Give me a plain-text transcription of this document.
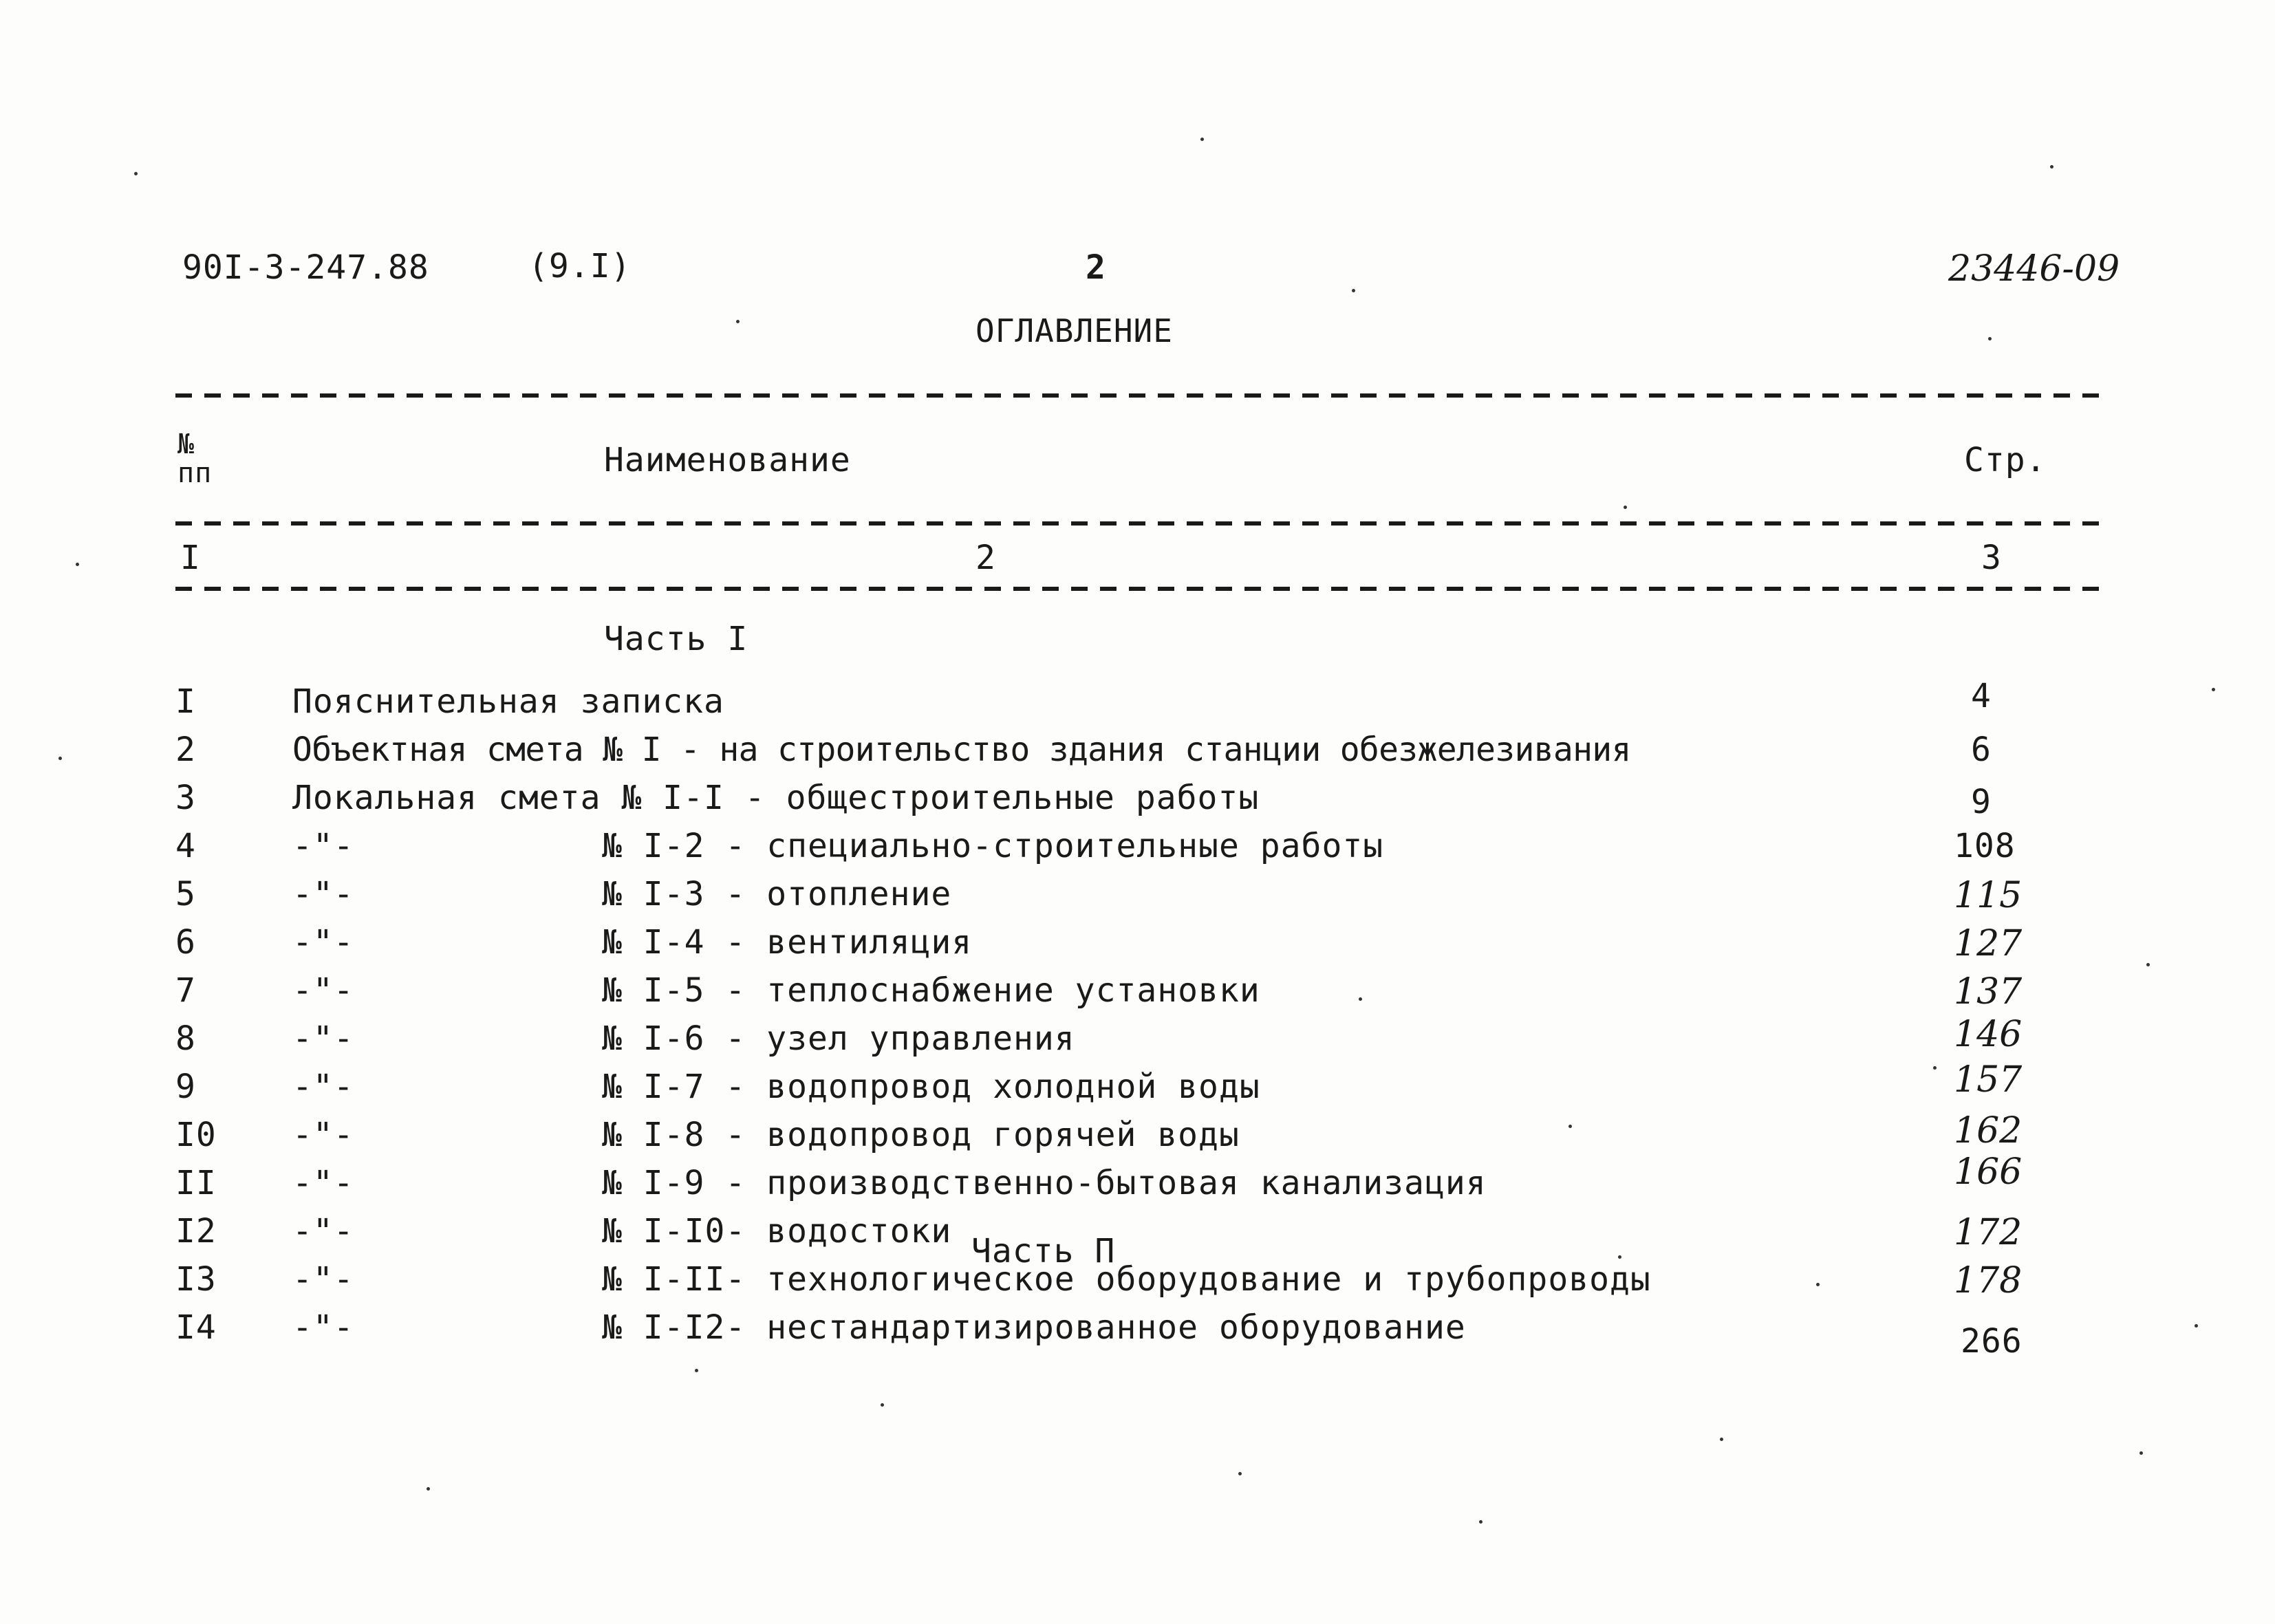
90I-3-247.88	(9.I)	2	23446-09
ОГЛАВЛЕНИЕ
№
пп	Наименование	Стр.
I	2	3
Часть I
I	Пояснительная записка	4
2	Объектная смета № I - на строительство здания станции обезжелезивания	6
3	Локальная смета № I-I - общестроительные работы	9
4	-"-	№ I-2 - специально-строительные работы	108
5	-"-	№ I-3 - отопление	115
6	-"-	№ I-4 - вентиляция	127
7	-"-	№ I-5 - теплоснабжение установки	137
8	-"-	№ I-6 - узел управления	146
9	-"-	№ I-7 - водопровод холодной воды	157
I0 -"-	№ I-8 - водопровод горячей воды	162
II -"-	№ I-9 - производственно-бытовая канализация	166
I2 -"-	№ I-I0- водостоки	172
I3 -"-	№ I-II- технологическое оборудование и трубопроводы	178
I4 -"-	№ I-I2- нестандартизированное оборудование	266
Часть П
